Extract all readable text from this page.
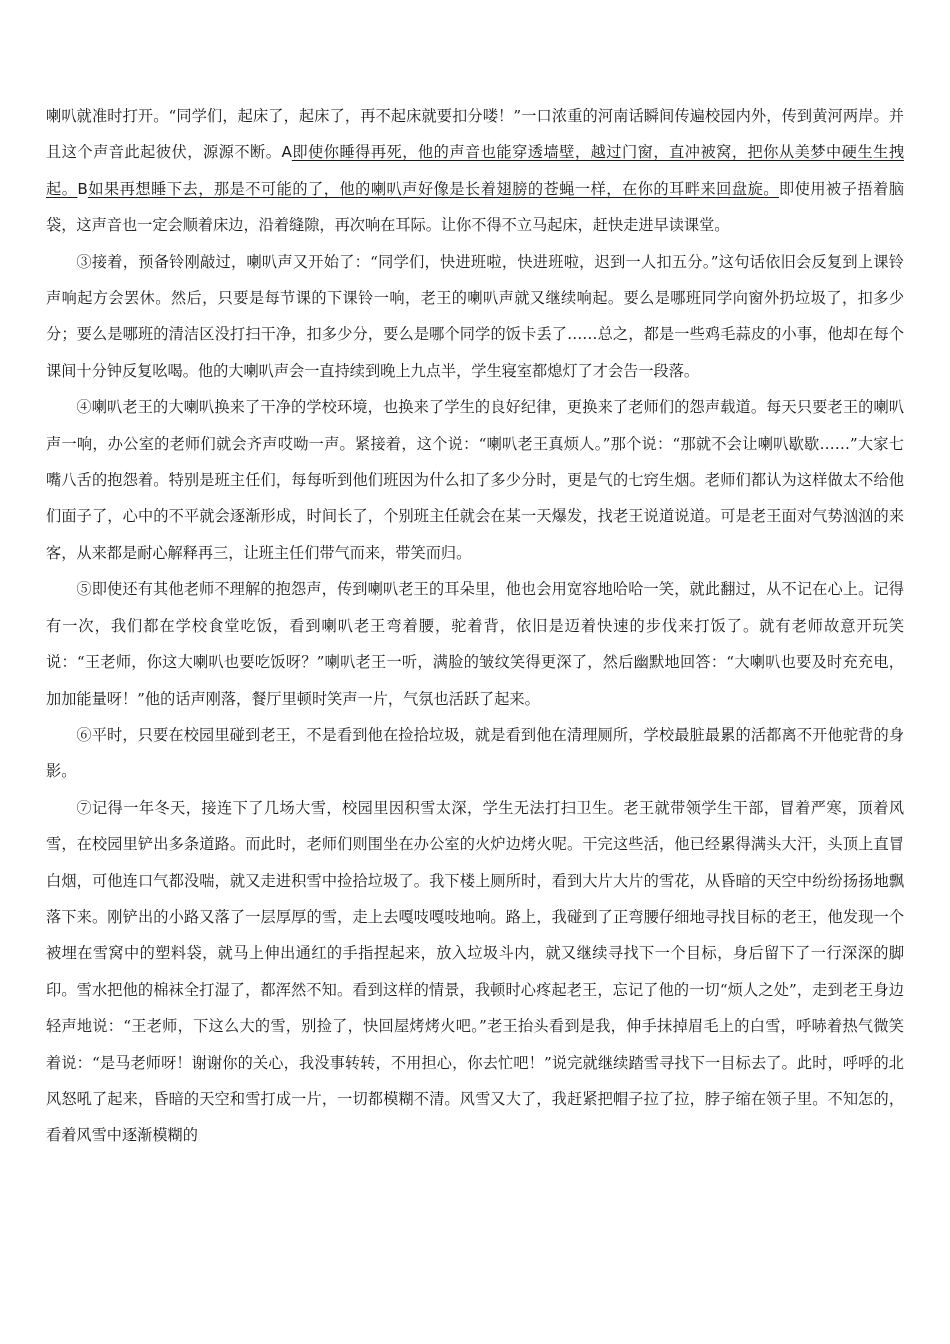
喇叭就准时打开。“同学们，起床了，起床了，再不起床就要扣分喽！”一口浓重的河南话瞬间传遍校园内外，传到黄河两岸。并且这个声音此起彼伏，源源不断。A即使你睡得再死，他的声音也能穿透墙壁，越过门窗，直冲被窝，把你从美梦中硬生生拽起。B如果再想睡下去，那是不可能的了，他的喇叭声好像是长着翅膀的苍蝇一样，在你的耳畔来回盘旋。即使用被子捂着脑袋，这声音也一定会顺着床边，沿着缝隙，再次响在耳际。让你不得不立马起床，赶快走进早读课堂。

③接着，预备铃刚敲过，喇叭声又开始了：“同学们，快进班啦，快进班啦，迟到一人扣五分。”这句话依旧会反复到上课铃声响起方会罢休。然后，只要是每节课的下课铃一响，老王的喇叭声就又继续响起。要么是哪班同学向窗外扔垃圾了，扣多少分；要么是哪班的清洁区没打扫干净，扣多少分，要么是哪个同学的饭卡丢了……总之，都是一些鸡毛蒜皮的小事，他却在每个课间十分钟反复吆喝。他的大喇叭声会一直持续到晚上九点半，学生寝室都熄灯了才会告一段落。

④喇叭老王的大喇叭换来了干净的学校环境，也换来了学生的良好纪律，更换来了老师们的怨声载道。每天只要老王的喇叭声一响，办公室的老师们就会齐声哎呦一声。紧接着，这个说：“喇叭老王真烦人。”那个说：“那就不会让喇叭歇歇……”大家七嘴八舌的抱怨着。特别是班主任们，每每听到他们班因为什么扣了多少分时，更是气的七窍生烟。老师们都认为这样做太不给他们面子了，心中的不平就会逐渐形成，时间长了，个别班主任就会在某一天爆发，找老王说道说道。可是老王面对气势汹汹的来客，从来都是耐心解释再三，让班主任们带气而来，带笑而归。

⑤即使还有其他老师不理解的抱怨声，传到喇叭老王的耳朵里，他也会用宽容地哈哈一笑，就此翻过，从不记在心上。记得有一次，我们都在学校食堂吃饭，看到喇叭老王弯着腰，驼着背，依旧是迈着快速的步伐来打饭了。就有老师故意开玩笑说：“王老师，你这大喇叭也要吃饭呀？”喇叭老王一听，满脸的皱纹笑得更深了，然后幽默地回答：“大喇叭也要及时充充电，加加能量呀！”他的话声刚落，餐厅里顿时笑声一片，气氛也活跃了起来。

⑥平时，只要在校园里碰到老王，不是看到他在捡拾垃圾，就是看到他在清理厕所，学校最脏最累的活都离不开他驼背的身影。

⑦记得一年冬天，接连下了几场大雪，校园里因积雪太深，学生无法打扫卫生。老王就带领学生干部，冒着严寒，顶着风雪，在校园里铲出多条道路。而此时，老师们则围坐在办公室的火炉边烤火呢。干完这些活，他已经累得满头大汗，头顶上直冒白烟，可他连口气都没喘，就又走进积雪中捡拾垃圾了。我下楼上厕所时，看到大片大片的雪花，从昏暗的天空中纷纷扬扬地飘落下来。刚铲出的小路又落了一层厚厚的雪，走上去嘎吱嘎吱地响。路上，我碰到了正弯腰仔细地寻找目标的老王，他发现一个被埋在雪窝中的塑料袋，就马上伸出通红的手指捏起来，放入垃圾斗内，就又继续寻找下一个目标，身后留下了一行深深的脚印。雪水把他的棉袜全打湿了，都浑然不知。看到这样的情景，我顿时心疼起老王，忘记了他的一切“烦人之处”，走到老王身边轻声地说：“王老师，下这么大的雪，别捡了，快回屋烤烤火吧。”老王抬头看到是我，伸手抹掉眉毛上的白雪，呼哧着热气微笑着说：“是马老师呀！谢谢你的关心，我没事转转，不用担心，你去忙吧！”说完就继续踏雪寻找下一目标去了。此时，呼呼的北风怒吼了起来，昏暗的天空和雪打成一片，一切都模糊不清。风雪又大了，我赶紧把帽子拉了拉，脖子缩在领子里。不知怎的，看着风雪中逐渐模糊的
